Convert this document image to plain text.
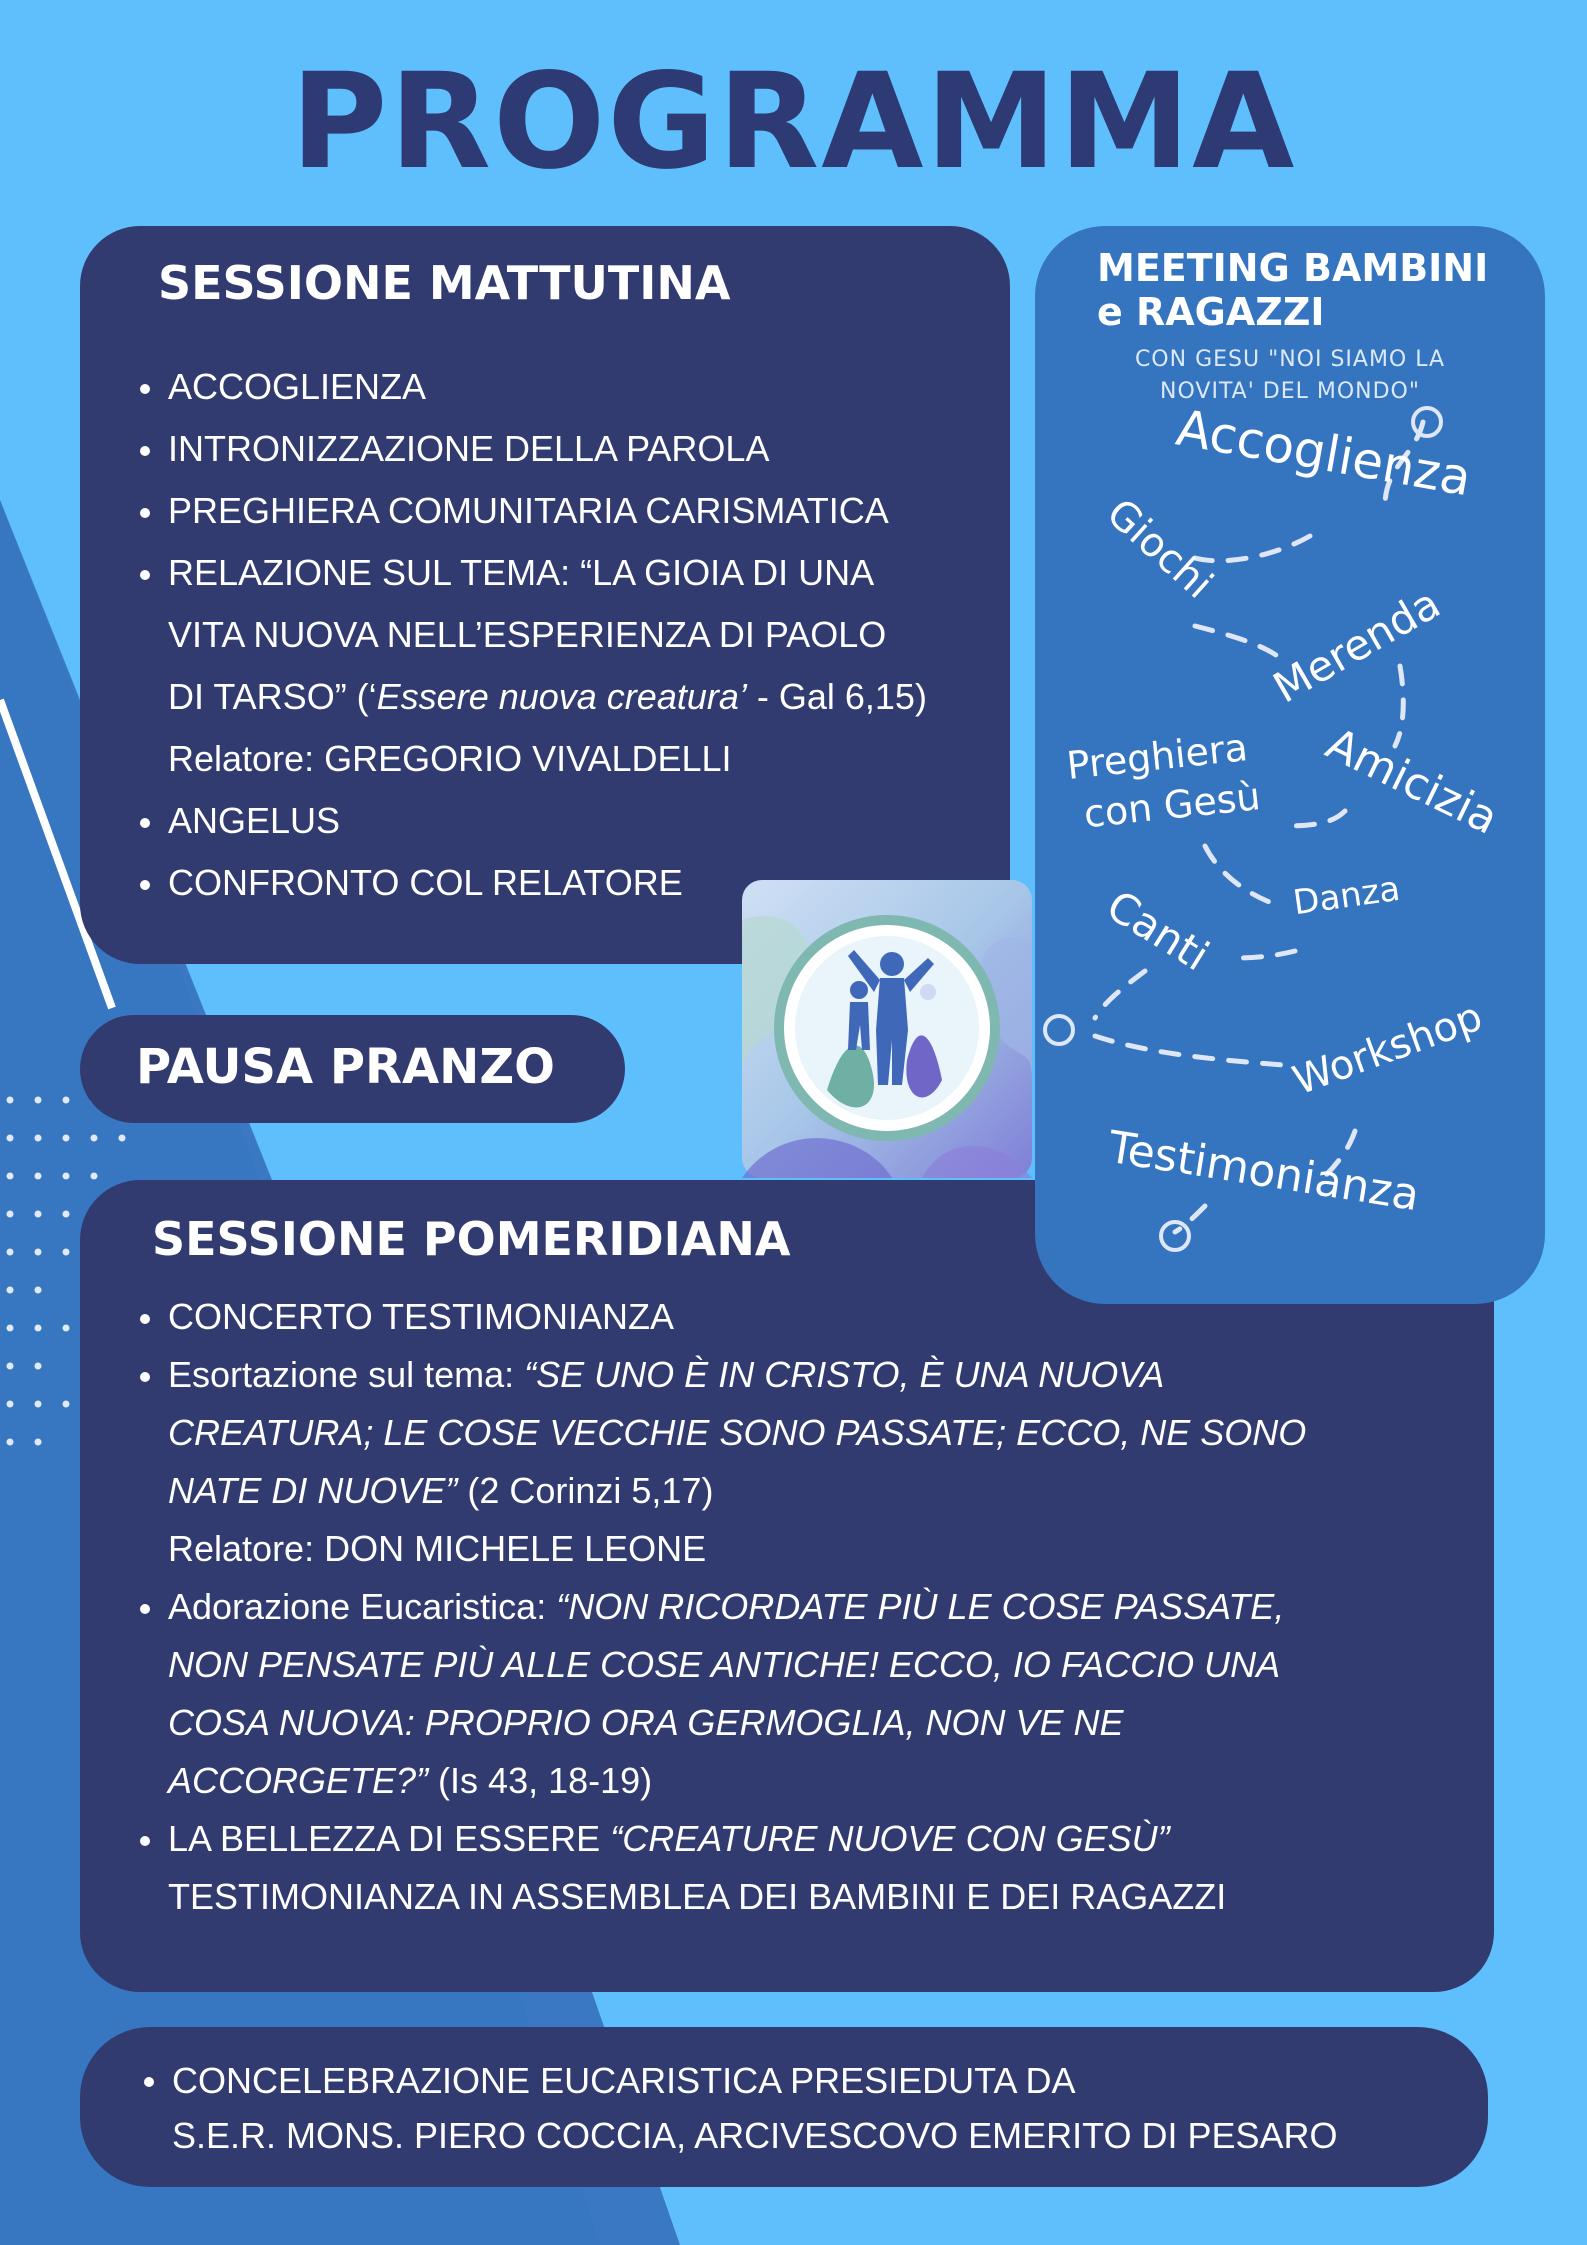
PROGRAMMA
SESSIONE MATTUTINA
ACCOGLIENZA
INTRONIZZAZIONE DELLA PAROLA
PREGHIERA COMUNITARIA CARISMATICA
RELAZIONE SUL TEMA: “LA GIOIA DI UNA
VITA NUOVA NELL’ESPERIENZA DI PAOLO
DI TARSO” (‘Essere nuova creatura’ - Gal 6,15)
Relatore: GREGORIO VIVALDELLI
ANGELUS
CONFRONTO COL RELATORE
PAUSA PRANZO
SESSIONE POMERIDIANA
CONCERTO TESTIMONIANZA
Esortazione sul tema: “SE UNO È IN CRISTO, È UNA NUOVA
CREATURA; LE COSE VECCHIE SONO PASSATE; ECCO, NE SONO
NATE DI NUOVE” (2 Corinzi 5,17)
Relatore: DON MICHELE LEONE
Adorazione Eucaristica: “NON RICORDATE PIÙ LE COSE PASSATE,
NON PENSATE PIÙ ALLE COSE ANTICHE! ECCO, IO FACCIO UNA
COSA NUOVA: PROPRIO ORA GERMOGLIA, NON VE NE
ACCORGETE?” (Is 43, 18-19)
LA BELLEZZA DI ESSERE “CREATURE NUOVE CON GESÙ”
TESTIMONIANZA IN ASSEMBLEA DEI BAMBINI E DEI RAGAZZI
CONCELEBRAZIONE EUCARISTICA PRESIEDUTA DA
S.E.R. MONS. PIERO COCCIA, ARCIVESCOVO EMERITO DI PESARO
MEETING BAMBINI
e RAGAZZI
CON GESU "NOI SIAMO LA
NOVITA' DEL MONDO"
Accoglienza
Giochi
Merenda
Amicizia
Preghiera
con Gesù
Danza
Canti
Workshop
Testimonianza
